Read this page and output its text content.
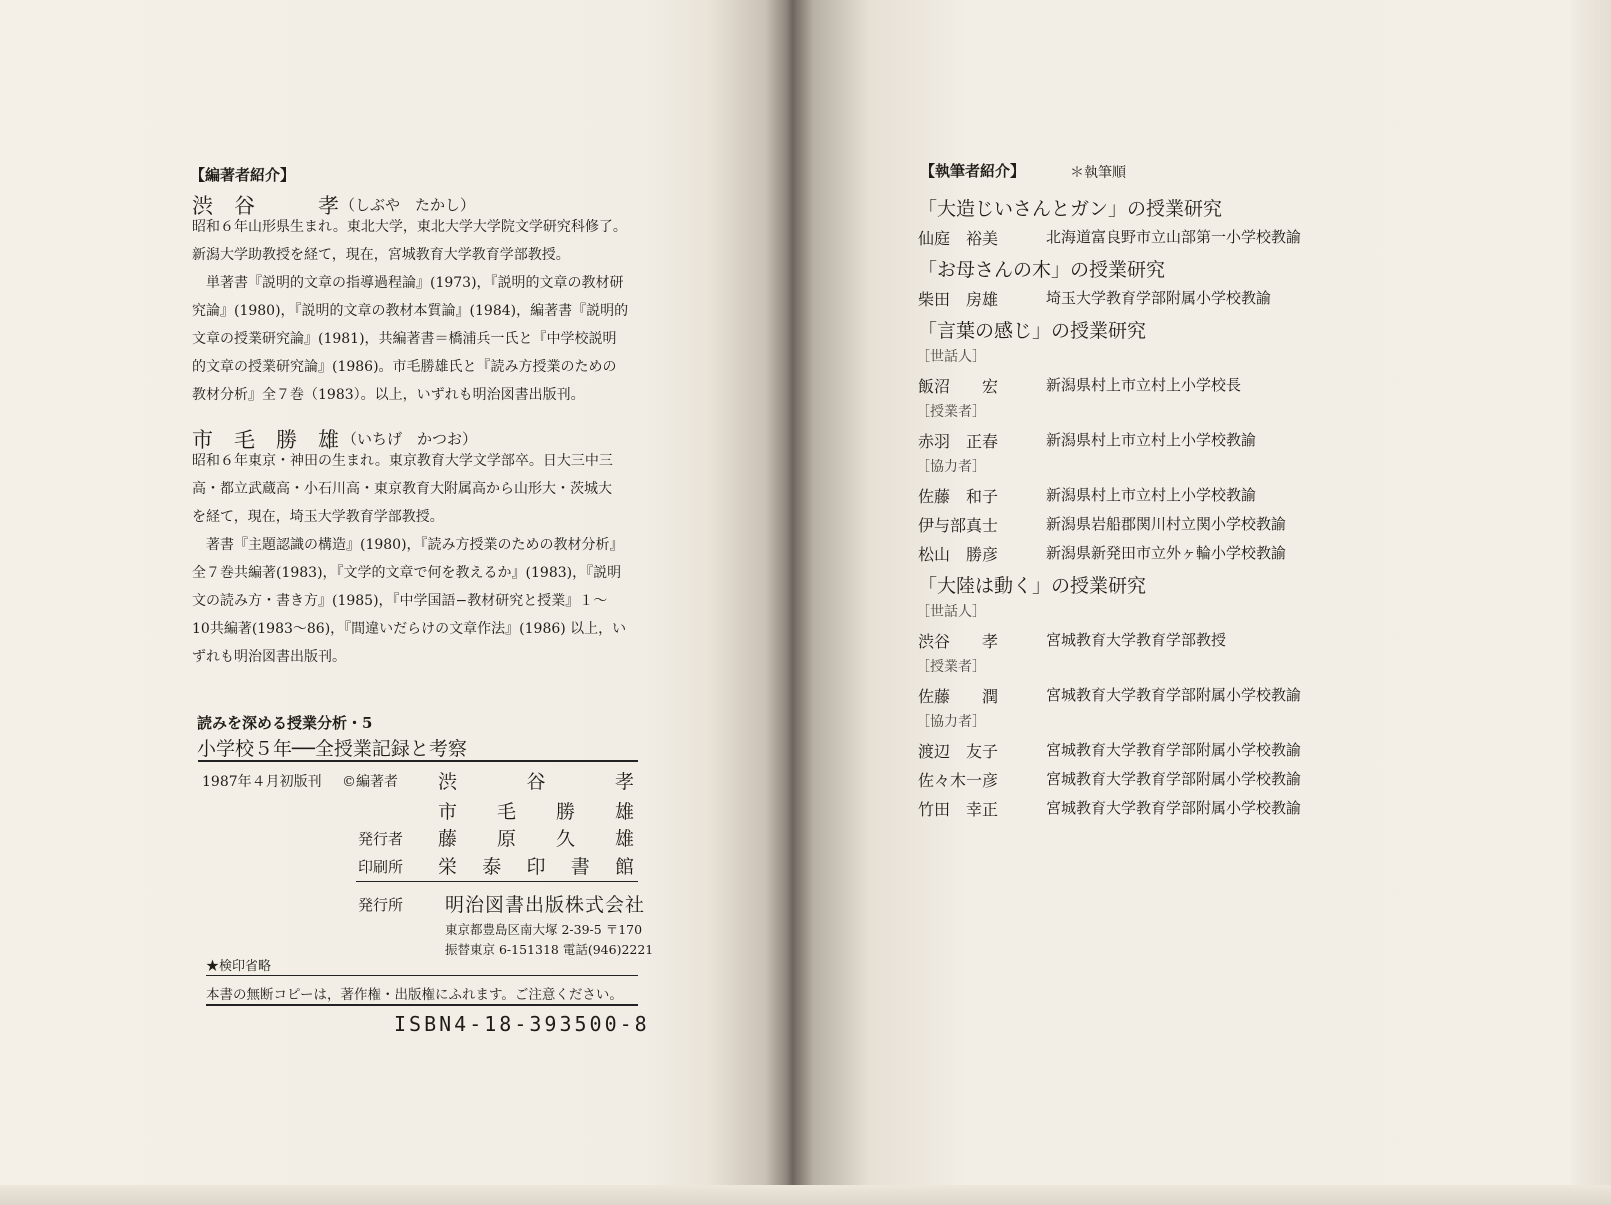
【編著者紹介】
渋　谷　　　孝 （しぶや　たかし）
昭和６年山形県生まれ。東北大学，東北大学大学院文学研究科修了。
新潟大学助教授を経て，現在，宮城教育大学教育学部教授。
単著書『説明的文章の指導過程論』(1973)，『説明的文章の教材研
究論』(1980)，『説明的文章の教材本質論』(1984)，編著書『説明的
文章の授業研究論』(1981)，共編著書＝橋浦兵一氏と『中学校説明
的文章の授業研究論』(1986)。市毛勝雄氏と『読み方授業のための
教材分析』全７巻（1983）。以上，いずれも明治図書出版刊。
市　毛　勝　雄 （いちげ　かつお）
昭和６年東京・神田の生まれ。東京教育大学文学部卒。日大三中三
高・都立武蔵高・小石川高・東京教育大附属高から山形大・茨城大
を経て，現在，埼玉大学教育学部教授。
著書『主題認識の構造』(1980)，『読み方授業のための教材分析』
全７巻共編著(1983)，『文学的文章で何を教えるか』(1983)，『説明
文の読み方・書き方』(1985)，『中学国語−教材研究と授業』１〜
10共編著(1983〜86)，『間違いだらけの文章作法』(1986) 以上，い
ずれも明治図書出版刊。
読みを深める授業分析・5
小学校５年──全授業記録と考察
1987年４月初版刊 ©編著者 渋	谷	孝
市 毛 勝 雄
発行者 藤 原 久 雄
印刷所 栄 泰 印 書 館
発行所 明治図書出版株式会社
東京都豊島区南大塚 2-39-5 〒170
振替東京 6-151318 電話(946)2221
★検印省略
本書の無断コピーは，著作権・出版権にふれます。ご注意ください。
ISBN4-18-393500-8
【執筆者紹介】	＊執筆順
「大造じいさんとガン」の授業研究
仙庭　裕美	北海道富良野市立山部第一小学校教諭
「お母さんの木」の授業研究
柴田　房雄	埼玉大学教育学部附属小学校教諭
「言葉の感じ」の授業研究
［世話人］
飯沼　　宏	新潟県村上市立村上小学校長
［授業者］
赤羽　正春	新潟県村上市立村上小学校教諭
［協力者］
佐藤　和子	新潟県村上市立村上小学校教諭
伊与部真士	新潟県岩船郡関川村立関小学校教諭
松山　勝彦	新潟県新発田市立外ヶ輪小学校教諭
「大陸は動く」の授業研究
［世話人］
渋谷　　孝	宮城教育大学教育学部教授
［授業者］
佐藤　　潤	宮城教育大学教育学部附属小学校教諭
［協力者］
渡辺　友子	宮城教育大学教育学部附属小学校教諭
佐々木一彦	宮城教育大学教育学部附属小学校教諭
竹田　幸正	宮城教育大学教育学部附属小学校教諭
